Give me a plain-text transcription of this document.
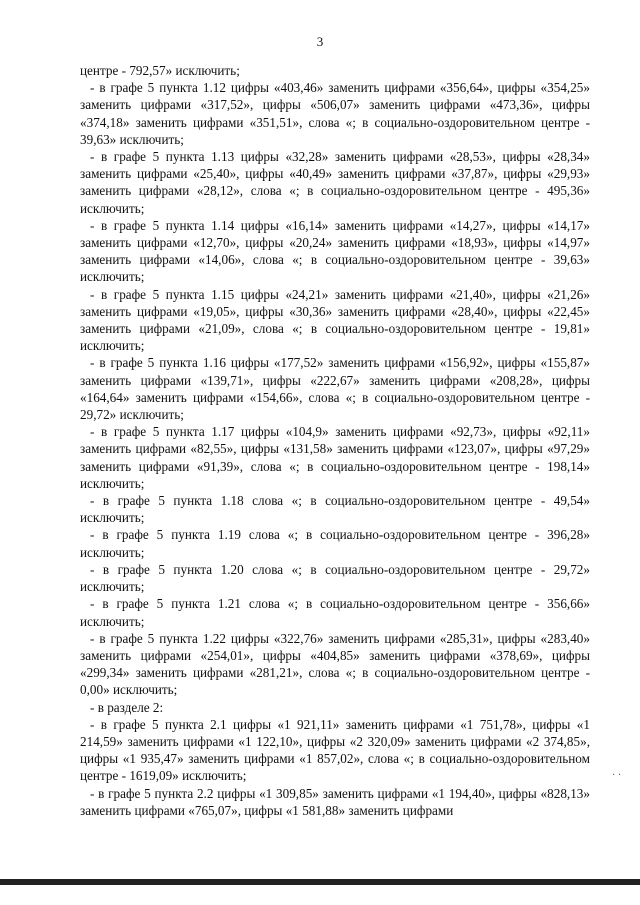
3

центре - 792,57» исключить;

- в графе 5 пункта 1.12 цифры «403,46» заменить цифрами «356,64», цифры «354,25» заменить цифрами «317,52», цифры «506,07» заменить цифрами «473,36», цифры «374,18» заменить цифрами «351,51», слова «; в социально-оздоровительном центре - 39,63» исключить;

- в графе 5 пункта 1.13 цифры «32,28» заменить цифрами «28,53», цифры «28,34» заменить цифрами «25,40», цифры «40,49» заменить цифрами «37,87», цифры «29,93» заменить цифрами «28,12», слова «; в социально-оздоровительном центре - 495,36» исключить;

- в графе 5 пункта 1.14 цифры «16,14» заменить цифрами «14,27», цифры «14,17» заменить цифрами «12,70», цифры «20,24» заменить цифрами «18,93», цифры «14,97» заменить цифрами «14,06», слова «; в социально-оздоровительном центре - 39,63» исключить;

- в графе 5 пункта 1.15 цифры «24,21» заменить цифрами «21,40», цифры «21,26» заменить цифрами «19,05», цифры «30,36» заменить цифрами «28,40», цифры «22,45» заменить цифрами «21,09», слова «; в социально-оздоровительном центре - 19,81» исключить;

- в графе 5 пункта 1.16 цифры «177,52» заменить цифрами «156,92», цифры «155,87» заменить цифрами «139,71», цифры «222,67» заменить цифрами «208,28», цифры «164,64» заменить цифрами «154,66», слова «; в социально-оздоровительном центре - 29,72» исключить;

- в графе 5 пункта 1.17 цифры «104,9» заменить цифрами «92,73», цифры «92,11» заменить цифрами «82,55», цифры «131,58» заменить цифрами «123,07», цифры «97,29» заменить цифрами «91,39», слова «; в социально-оздоровительном центре - 198,14» исключить;

- в графе 5 пункта 1.18 слова «; в социально-оздоровительном центре - 49,54» исключить;

- в графе 5 пункта 1.19 слова «; в социально-оздоровительном центре - 396,28» исключить;

- в графе 5 пункта 1.20 слова «; в социально-оздоровительном центре - 29,72» исключить;

- в графе 5 пункта 1.21 слова «; в социально-оздоровительном центре - 356,66» исключить;

- в графе 5 пункта 1.22 цифры «322,76» заменить цифрами «285,31», цифры «283,40» заменить цифрами «254,01», цифры «404,85» заменить цифрами «378,69», цифры «299,34» заменить цифрами «281,21», слова «; в социально-оздоровительном центре - 0,00» исключить;

- в разделе 2:

- в графе 5 пункта 2.1 цифры «1 921,11» заменить цифрами «1 751,78», цифры «1 214,59» заменить цифрами «1 122,10», цифры «2 320,09» заменить цифрами «2 374,85», цифры «1 935,47» заменить цифрами «1 857,02», слова «; в социально-оздоровительном центре - 1619,09» исключить;

- в графе 5 пункта 2.2 цифры «1 309,85» заменить цифрами «1 194,40», цифры «828,13» заменить цифрами «765,07», цифры «1 581,88» заменить цифрами

· ·
